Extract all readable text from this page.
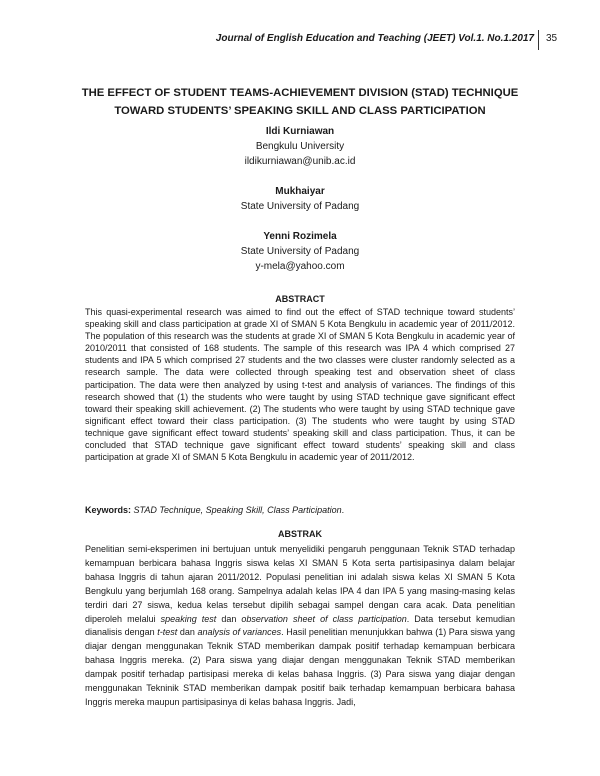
Journal of English Education and Teaching (JEET) Vol.1. No.1.2017 35
THE EFFECT OF STUDENT TEAMS-ACHIEVEMENT DIVISION (STAD) TECHNIQUE
TOWARD STUDENTS’ SPEAKING SKILL AND CLASS PARTICIPATION
Ildi Kurniawan
Bengkulu University
ildikurniawan@unib.ac.id
Mukhaiyar
State University of Padang
Yenni Rozimela
State University of Padang
y-mela@yahoo.com
ABSTRACT
This quasi-experimental research was aimed to find out the effect of STAD technique toward students’ speaking skill and class participation at grade XI of SMAN 5 Kota Bengkulu in academic year of 2011/2012. The population of this research was the students at grade XI of SMAN 5 Kota Bengkulu in academic year of 2010/2011 that consisted of 168 students. The sample of this research was IPA 4 which comprised 27 students and IPA 5 which comprised 27 students and the two classes were cluster randomly selected as a research sample. The data were collected through speaking test and observation sheet of class participation. The data were then analyzed by using t-test and analysis of variances. The findings of this research showed that (1) the students who were taught by using STAD technique gave significant effect toward their speaking skill achievement. (2) The students who were taught by using STAD technique gave significant effect toward their class participation. (3) The students who were taught by using STAD technique gave significant effect toward students’ speaking skill and class participation. Thus, it can be concluded that STAD technique gave significant effect toward students’ speaking skill and class participation at grade XI of SMAN 5 Kota Bengkulu in academic year of 2011/2012.
Keywords: STAD Technique, Speaking Skill, Class Participation.
ABSTRAK
Penelitian semi-eksperimen ini bertujuan untuk menyelidiki pengaruh penggunaan Teknik STAD terhadap kemampuan berbicara bahasa Inggris siswa kelas XI SMAN 5 Kota serta partisipasinya dalam belajar bahasa Inggris di tahun ajaran 2011/2012. Populasi penelitian ini adalah siswa kelas XI SMAN 5 Kota Bengkulu yang berjumlah 168 orang. Sampelnya adalah kelas IPA 4 dan IPA 5 yang masing-masing kelas terdiri dari 27 siswa, kedua kelas tersebut dipilih sebagai sampel dengan cara acak. Data penelitian diperoleh melalui speaking test dan observation sheet of class participation. Data tersebut kemudian dianalisis dengan t-test dan analysis of variances. Hasil penelitian menunjukkan bahwa (1) Para siswa yang diajar dengan menggunakan Teknik STAD memberikan dampak positif terhadap kemampuan berbicara bahasa Inggris mereka. (2) Para siswa yang diajar dengan menggunakan Teknik STAD memberikan dampak positif terhadap partisipasi mereka di kelas bahasa Inggris. (3) Para siswa yang diajar dengan menggunakan Tekninik STAD memberikan dampak positif baik terhadap kemampuan berbicara bahasa Inggris mereka maupun partisipasinya di kelas bahasa Inggris. Jadi,
